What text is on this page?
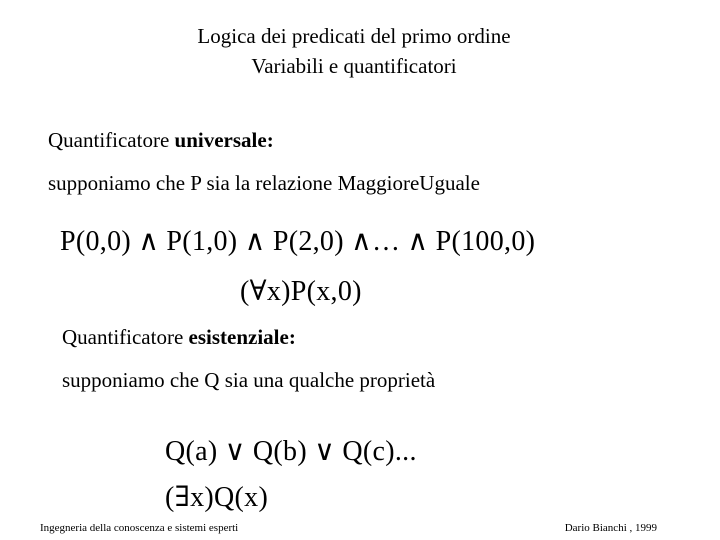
Logica dei predicati del primo ordine
Variabili e quantificatori
Quantificatore universale:
supponiamo che P sia la relazione MaggioreUguale
P(0,0) ∧ P(1,0) ∧ P(2,0) ∧… ∧ P(100,0)
(∀x)P(x,0)
Quantificatore esistenziale:
supponiamo che Q sia una qualche proprietà
Q(a) ∨ Q(b) ∨ Q(c)...
(∃x)Q(x)
Ingegneria della conoscenza e sistemi esperti	Dario Bianchi , 1999
